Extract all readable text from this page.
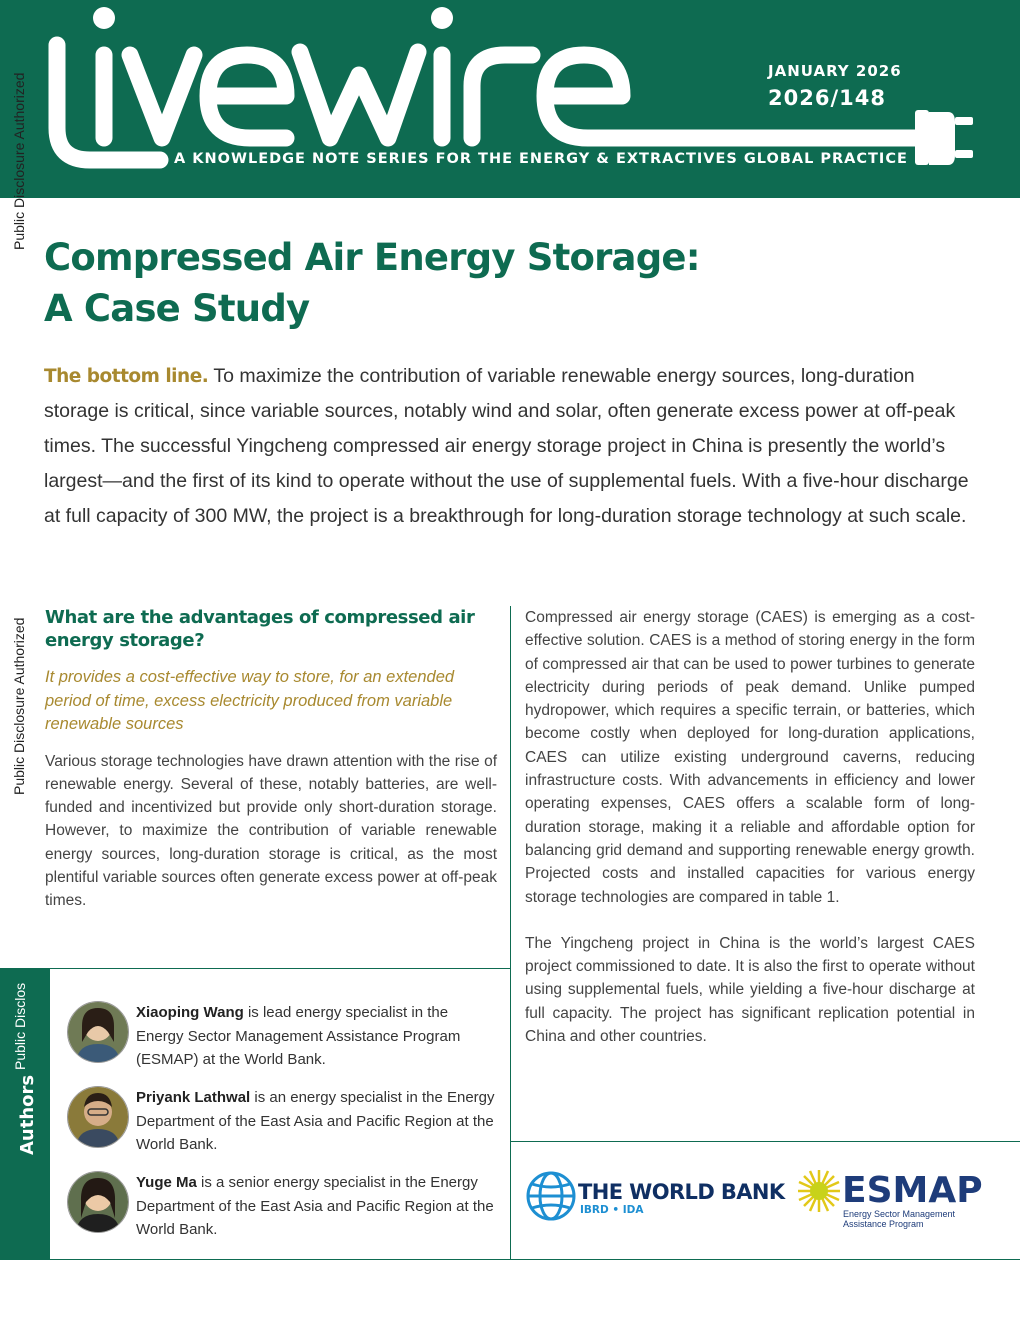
JANUARY 2026
2026/148
A KNOWLEDGE NOTE SERIES FOR THE ENERGY & EXTRACTIVES GLOBAL PRACTICE
Public Disclosure Authorized
Public Disclosure Authorized
Compressed Air Energy Storage:
A Case Study

The bottom line. To maximize the contribution of variable renewable energy sources, long-duration storage is critical, since variable sources, notably wind and solar, often generate excess power at off-peak times. The successful Yingcheng compressed air energy storage project in China is presently the world’s largest—and the first of its kind to operate without the use of supplemental fuels. With a five-hour discharge at full capacity of 300 MW, the project is a breakthrough for long-duration storage technology at such scale.

What are the advantages of compressed air energy storage?

It provides a cost-effective way to store, for an extended period of time, excess electricity produced from variable renewable sources

Various storage technologies have drawn attention with the rise of renewable energy. Several of these, notably batteries, are well-funded and incentivized but provide only short-duration storage. However, to maximize the contribution of variable renewable energy sources, long-duration storage is critical, as the most plentiful variable sources often generate excess power at off-peak times.

Compressed air energy storage (CAES) is emerging as a cost-effective solution. CAES is a method of storing energy in the form of compressed air that can be used to power turbines to generate electricity during periods of peak demand. Unlike pumped hydropower, which requires a specific terrain, or batteries, which become costly when deployed for long-duration applications, CAES can utilize existing underground caverns, reducing infrastructure costs. With advancements in efficiency and lower operating expenses, CAES offers a scalable form of long-duration storage, making it a reliable and affordable option for balancing grid demand and supporting renewable energy growth. Projected costs and installed capacities for various energy storage technologies are compared in table 1.

The Yingcheng project in China is the world’s largest CAES project commissioned to date. It is also the first to operate without using supplemental fuels, while yielding a five-hour discharge at full capacity. The project has significant replication potential in China and other countries.

Public Disclos
Authors
Xiaoping Wang is lead energy specialist in the Energy Sector Management Assistance Program (ESMAP) at the World Bank.
Priyank Lathwal is an energy specialist in the Energy Department of the East Asia and Pacific Region at the World Bank.
Yuge Ma is a senior energy specialist in the Energy Department of the East Asia and Pacific Region at the World Bank.
THE WORLD BANK
IBRD • IDA	ESMAP
Energy Sector Management Assistance Program
